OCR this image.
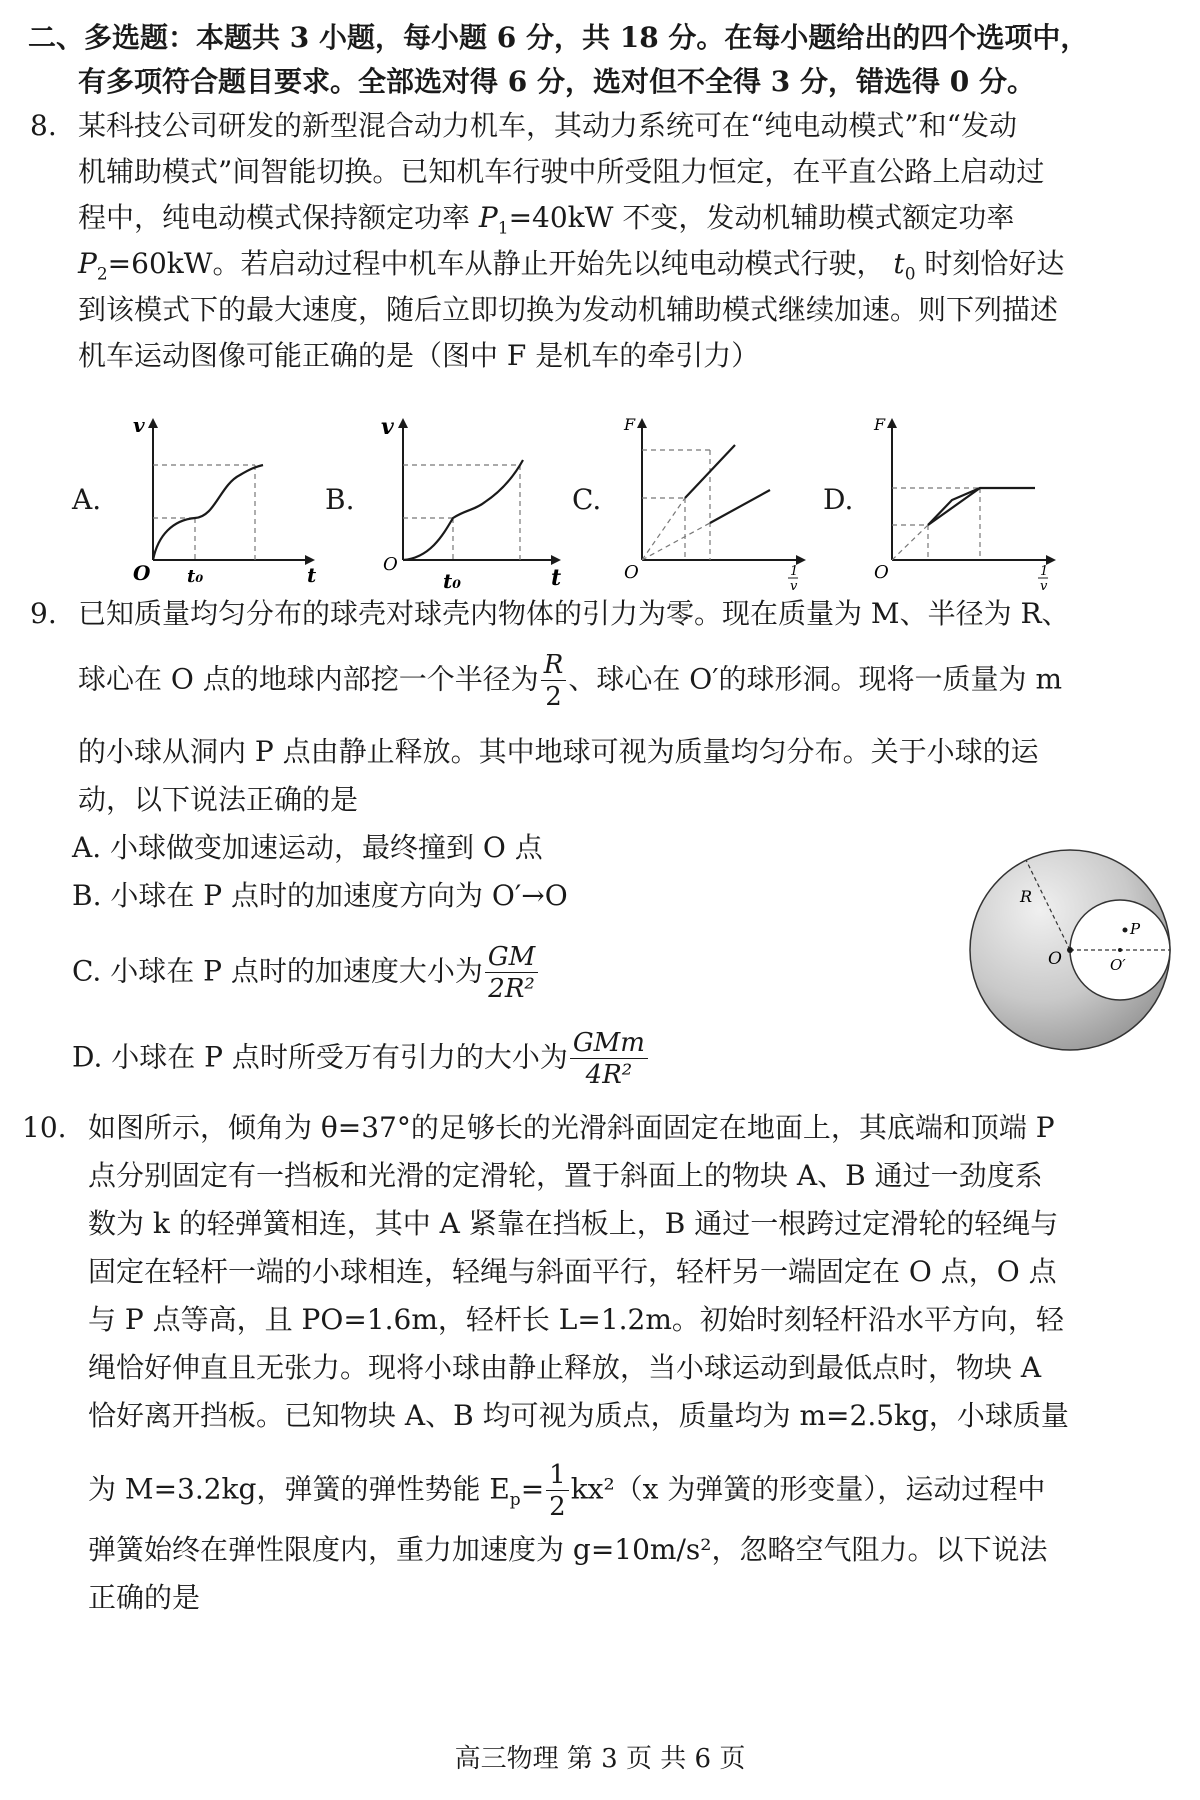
二、多选题：本题共 3 小题，每小题 6 分，共 18 分。在每小题给出的四个选项中，
有多项符合题目要求。全部选对得 6 分，选对但不全得 3 分，错选得 0 分。
8. 某科技公司研发的新型混合动力机车，其动力系统可在“纯电动模式”和“发动
机辅助模式”间智能切换。已知机车行驶中所受阻力恒定，在平直公路上启动过
程中，纯电动模式保持额定功率 $P_1=40kW$ 不变，发动机辅助模式额定功率
$P_2=60kW$。若启动过程中机车从静止开始先以纯电动模式行驶， $t_0$ 时刻恰好达
到该模式下的最大速度，随后立即切换为发动机辅助模式继续加速。则下列描述
机车运动图像可能正确的是（图中 F 是机车的牵引力）
A.	B.	C.	D.
v
t
O t₀
v
t
O
t₀
F
O	1
v
F
O	1
v
9. 已知质量均匀分布的球壳对球壳内物体的引力为零。现在质量为 M、半径为 R、
球心在 O 点的地球内部挖一个半径为 $\frac{R}{2}$ 、球心在 O′的球形洞。现将一质量为 m
的小球从洞内 P 点由静止释放。其中地球可视为质量均匀分布。关于小球的运
动，以下说法正确的是
A. 小球做变加速运动，最终撞到 O 点
B. 小球在 P 点时的加速度方向为 O′→O
C. 小球在 P 点时的加速度大小为 $\frac{GM}{\text{2R²}}$
D. 小球在 P 点时所受万有引力的大小为 $\frac{\text{GMm}}{\text{4R²}}$
R
P
O	O′
10. 如图所示，倾角为 θ=37°的足够长的光滑斜面固定在地面上，其底端和顶端 P
点分别固定有一挡板和光滑的定滑轮，置于斜面上的物块 A、B 通过一劲度系
数为 k 的轻弹簧相连，其中 A 紧靠在挡板上，B 通过一根跨过定滑轮的轻绳与
固定在轻杆一端的小球相连，轻绳与斜面平行，轻杆另一端固定在 O 点，O 点
与 P 点等高，且 PO=1.6m，轻杆长 L=1.2m。初始时刻轻杆沿水平方向，轻
绳恰好伸直且无张力。现将小球由静止释放，当小球运动到最低点时，物块 A
恰好离开挡板。已知物块 A、B 均可视为质点，质量均为 m=2.5kg，小球质量
为 M=3.2kg，弹簧的弹性势能 $E_p= \frac{1}{2} kx^2(x$ 为弹簧的形变量），运动过程中
弹簧始终在弹性限度内，重力加速度为 g=10m/s²，忽略空气阻力。以下说法
正确的是
高三物理 第 3 页 共 6 页
